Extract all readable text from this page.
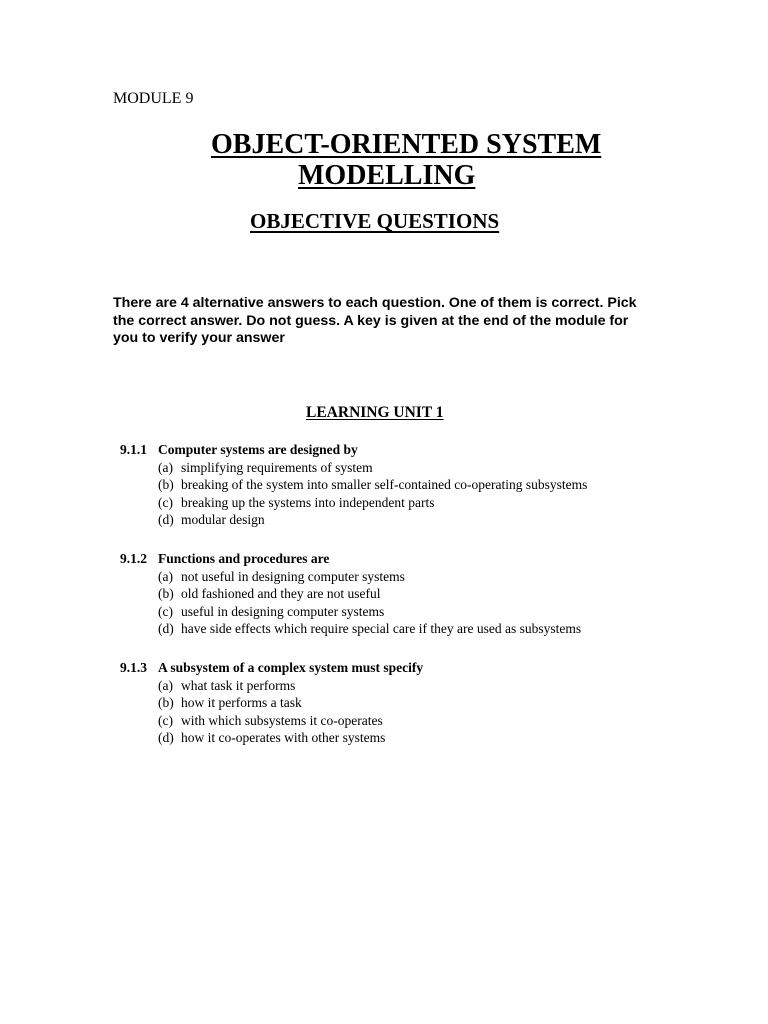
MODULE 9
OBJECT-ORIENTED SYSTEM
MODELLING
OBJECTIVE QUESTIONS
There are 4 alternative answers to each question. One of them is correct. Pick the correct answer. Do not guess. A key is given at the end of the module for you to verify your answer
LEARNING UNIT 1
9.1.1 Computer systems are designed by
(a) simplifying requirements of system
(b) breaking of the system into smaller self-contained co-operating subsystems
(c) breaking up the systems into independent parts
(d) modular design
9.1.2 Functions and procedures are
(a) not useful in designing computer systems
(b) old fashioned and they are not useful
(c) useful in designing computer systems
(d) have side effects which require special care if they are used as subsystems
9.1.3 A subsystem of a complex system must specify
(a) what task it performs
(b) how it performs a task
(c) with which subsystems it co-operates
(d) how it co-operates with other systems
